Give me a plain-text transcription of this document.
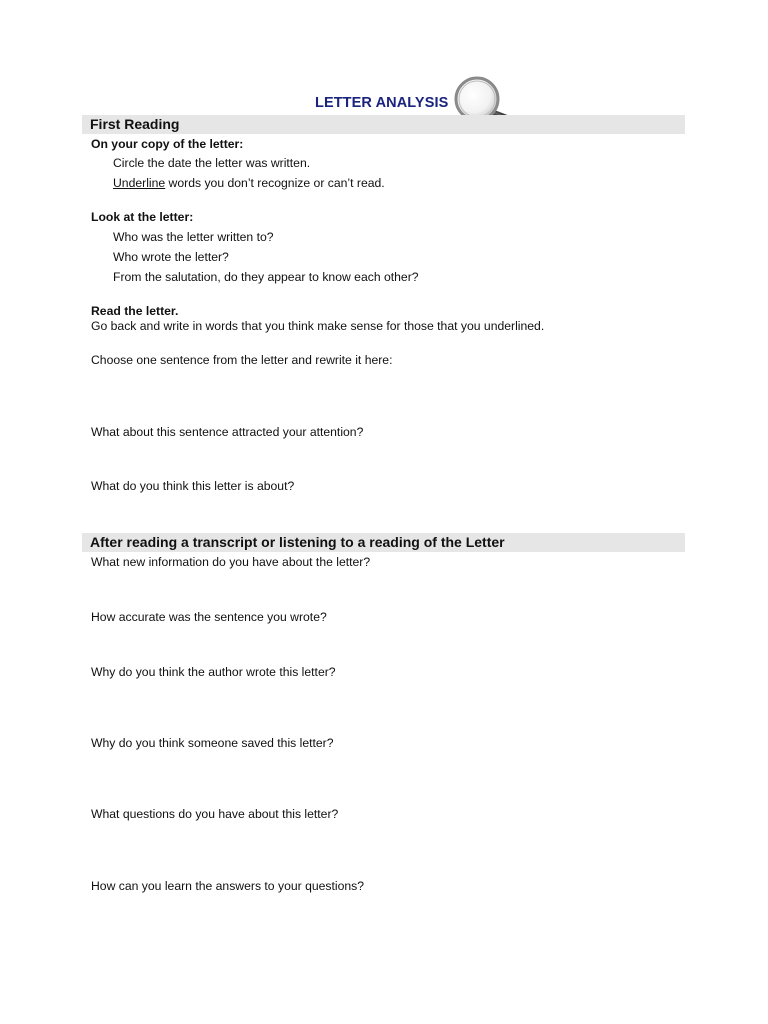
LETTER ANALYSIS
First Reading
On your copy of the letter:
Circle the date the letter was written.
Underline words you don’t recognize or can’t read.
Look at the letter:
Who was the letter written to?
Who wrote the letter?
From the salutation, do they appear to know each other?
Read the letter.
Go back and write in words that you think make sense for those that you underlined.
Choose one sentence from the letter and rewrite it here:
What about this sentence attracted your attention?
What do you think this letter is about?
After reading a transcript or listening to a reading of the Letter
What new information do you have about the letter?
How accurate was the sentence you wrote?
Why do you think the author wrote this letter?
Why do you think someone saved this letter?
What questions do you have about this letter?
How can you learn the answers to your questions?
